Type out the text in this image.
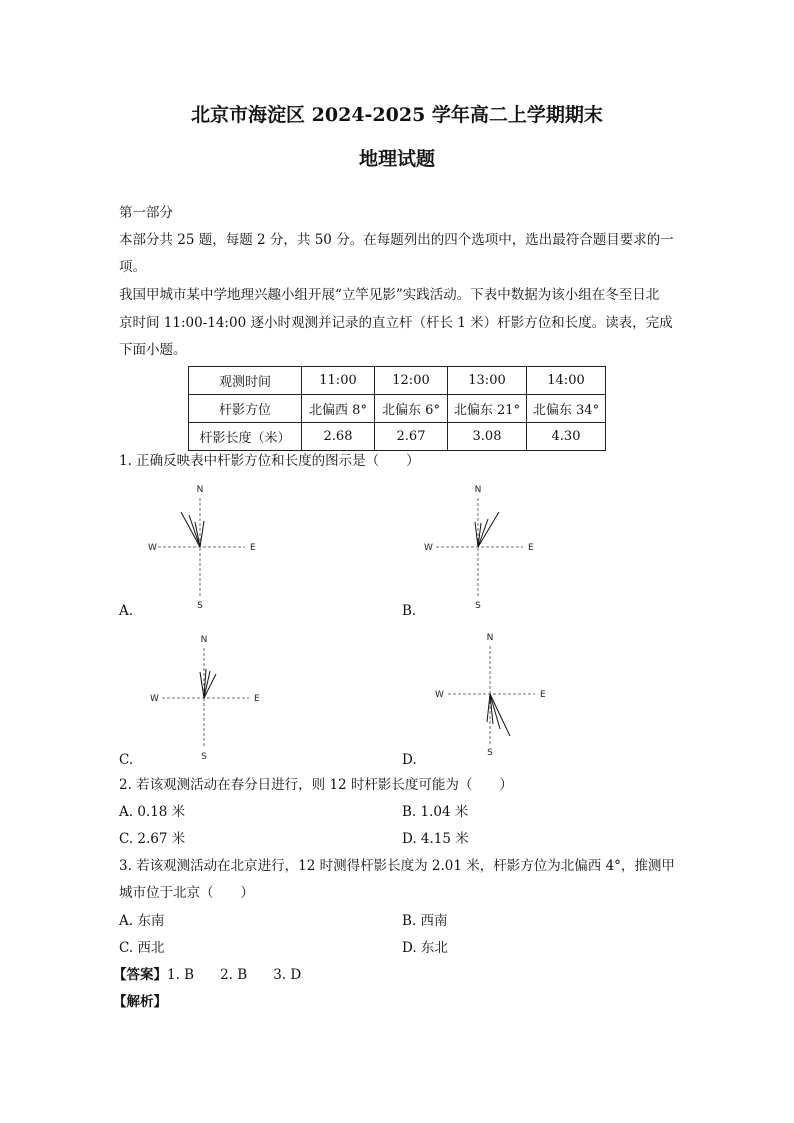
北京市海淀区 2024-2025 学年高二上学期期末
地理试题
第一部分
本部分共 25 题，每题 2 分，共 50 分。在每题列出的四个选项中，选出最符合题目要求的一
项。
我国甲城市某中学地理兴趣小组开展“立竿见影”实践活动。下表中数据为该小组在冬至日北
京时间 11:00-14:00 逐小时观测并记录的直立杆（杆长 1 米）杆影方位和长度。读表，完成
下面小题。
观测时间	11:00	12:00	13:00	14:00
杆影方位	北偏西 8°	北偏东 6°	北偏东 21°	北偏东 34°
杆影长度（米）	2.68	2.67	3.08	4.30
1. 正确反映表中杆影方位和长度的图示是（　　）
N
W	E
S
A.
N
W	E
S
B.
N
W	E
S
C.
N
W	E
S
D.
2. 若该观测活动在春分日进行，则 12 时杆影长度可能为（　　）
A. 0.18 米	B. 1.04 米
C. 2.67 米	D. 4.15 米
3. 若该观测活动在北京进行，12 时测得杆影长度为 2.01 米，杆影方位为北偏西 4°，推测甲
城市位于北京（　　）
A. 东南	B. 西南
C. 西北	D. 东北
【答案】1. B 2. B 3. D
【解析】
